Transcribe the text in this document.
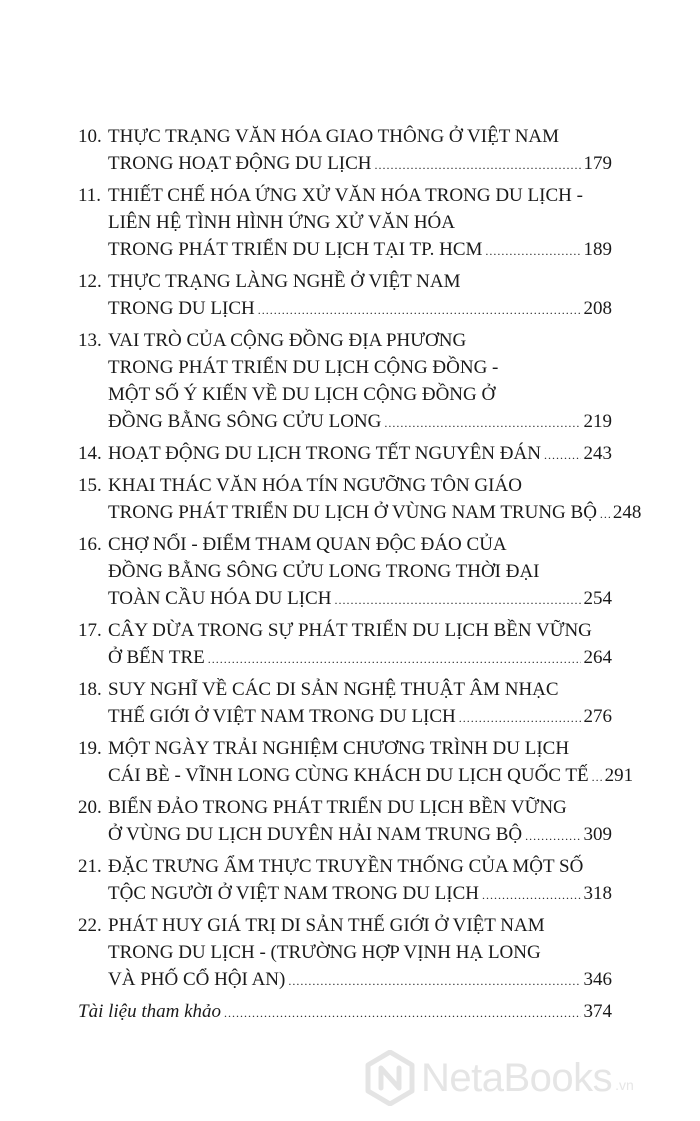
10. THỰC TRẠNG VĂN HÓA GIAO THÔNG Ở VIỆT NAM
TRONG HOẠT ĐỘNG DU LỊCH .....	179
11. THIẾT CHẾ HÓA ỨNG XỬ VĂN HÓA TRONG DU LỊCH -
LIÊN HỆ TÌNH HÌNH ỨNG XỬ VĂN HÓA
TRONG PHÁT TRIỂN DU LỊCH TẠI TP. HCM .....	189
12. THỰC TRẠNG LÀNG NGHỀ Ở VIỆT NAM
TRONG DU LỊCH .....	208
13. VAI TRÒ CỦA CỘNG ĐỒNG ĐỊA PHƯƠNG
TRONG PHÁT TRIỂN DU LỊCH CỘNG ĐỒNG -
MỘT SỐ Ý KIẾN VỀ DU LỊCH CỘNG ĐỒNG Ở
ĐỒNG BẰNG SÔNG CỬU LONG .....	219
14. HOẠT ĐỘNG DU LỊCH TRONG TẾT NGUYÊN ĐÁN ..... 243
15. KHAI THÁC VĂN HÓA TÍN NGƯỠNG TÔN GIÁO
TRONG PHÁT TRIỂN DU LỊCH Ở VÙNG NAM TRUNG BỘ ..... 248
16. CHỢ NỔI - ĐIỂM THAM QUAN ĐỘC ĐÁO CỦA
ĐỒNG BẰNG SÔNG CỬU LONG TRONG THỜI ĐẠI
TOÀN CẦU HÓA DU LỊCH .....	254
17. CÂY DỪA TRONG SỰ PHÁT TRIỂN DU LỊCH BỀN VỮNG
Ở BẾN TRE .....	264
18. SUY NGHĨ VỀ CÁC DI SẢN NGHỆ THUẬT ÂM NHẠC
THẾ GIỚI Ở VIỆT NAM TRONG DU LỊCH .....	276
19. MỘT NGÀY TRẢI NGHIỆM CHƯƠNG TRÌNH DU LỊCH
CÁI BÈ - VĨNH LONG CÙNG KHÁCH DU LỊCH QUỐC TẾ ..... 291
20. BIỂN ĐẢO TRONG PHÁT TRIỂN DU LỊCH BỀN VỮNG
Ở VÙNG DU LỊCH DUYÊN HẢI NAM TRUNG BỘ .....	309
21. ĐẶC TRƯNG ẨM THỰC TRUYỀN THỐNG CỦA MỘT SỐ
TỘC NGƯỜI Ở VIỆT NAM TRONG DU LỊCH .....	318
22. PHÁT HUY GIÁ TRỊ DI SẢN THẾ GIỚI Ở VIỆT NAM
TRONG DU LỊCH - (TRƯỜNG HỢP VỊNH HẠ LONG
VÀ PHỐ CỔ HỘI AN) .....	346
Tài liệu tham khảo .....	374
NetaBooks .vn
